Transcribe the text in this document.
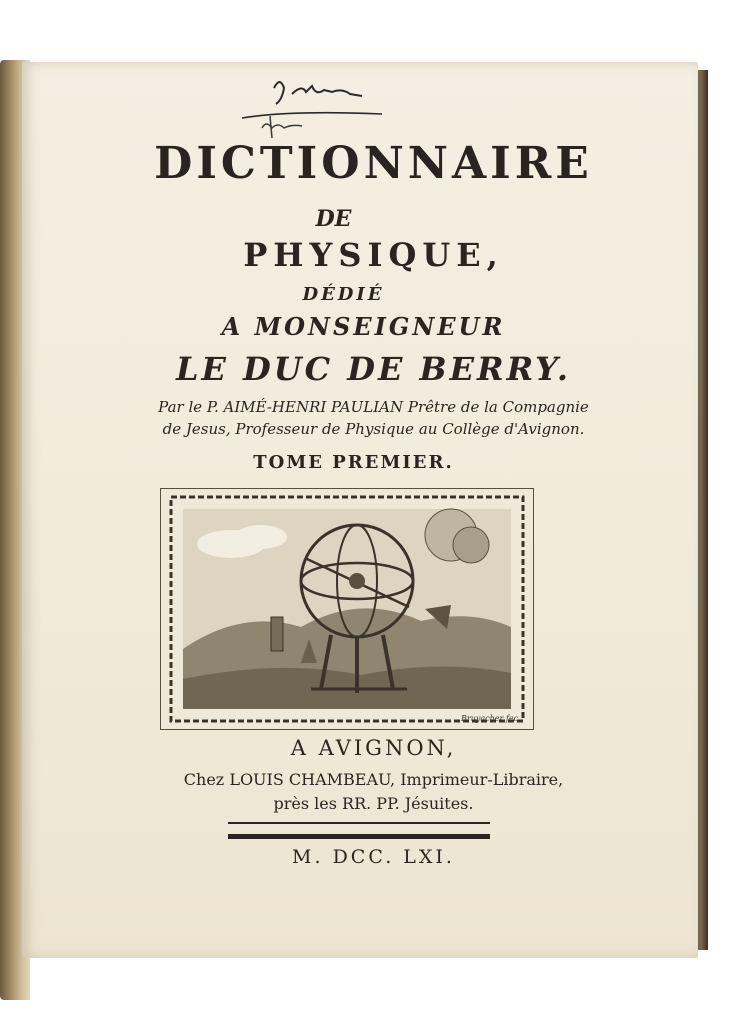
DICTIONNAIRE
DE
PHYSIQUE,
DÉDIÉ
A MONSEIGNEUR
LE DUC DE BERRY.
Par le P. AIMÉ-HENRI PAULIAN Prêtre de la Compagnie
de Jesus, Professeur de Physique au Collège d'Avignon.
TOME PREMIER.
Bruyacher fec.
A AVIGNON,
Chez LOUIS CHAMBEAU, Imprimeur-Libraire,
près les RR. PP. Jésuites.
M. DCC. LXI.
